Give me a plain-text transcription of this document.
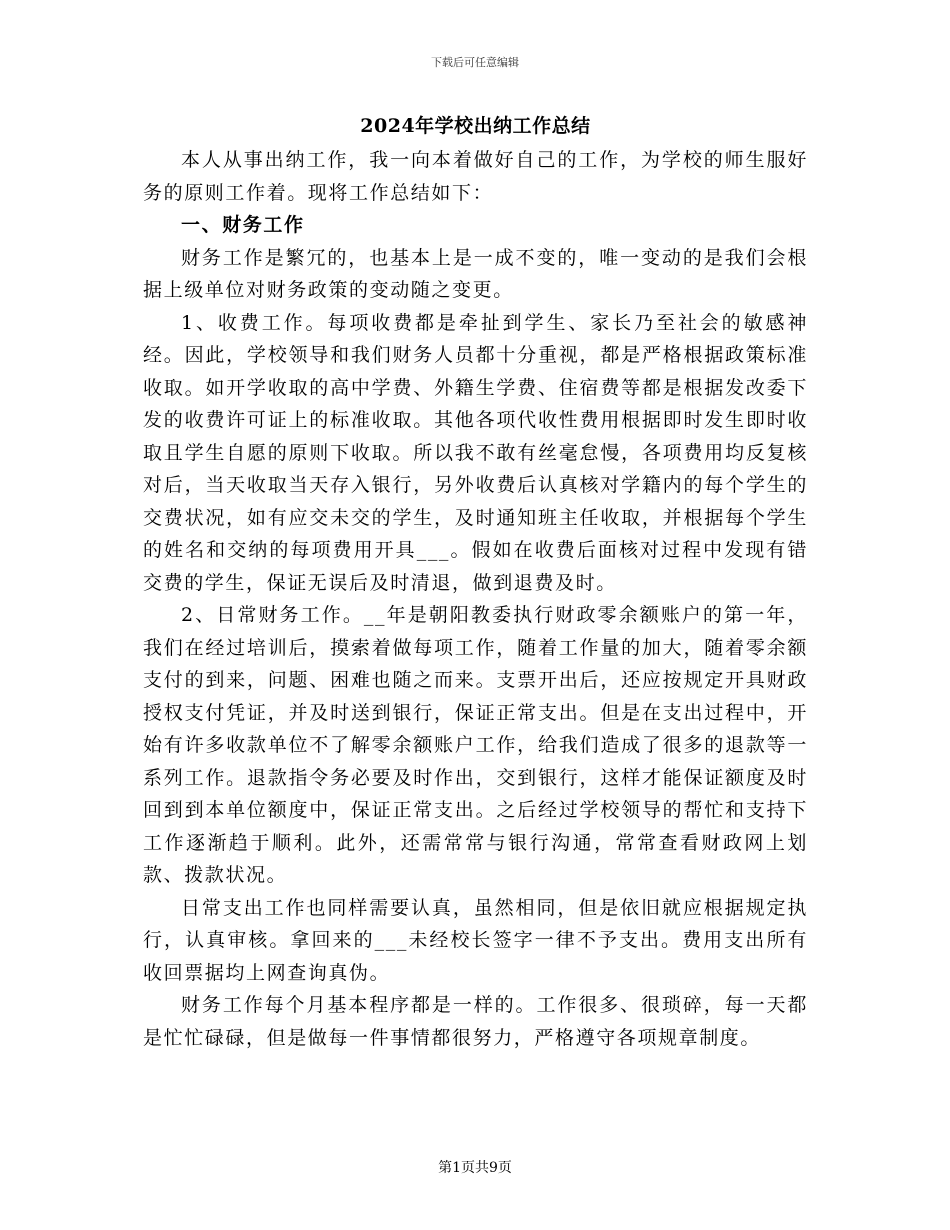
下载后可任意编辑
2024年学校出纳工作总结

本人从事出纳工作，我一向本着做好自己的工作，为学校的师生服好务的原则工作着。现将工作总结如下：

一、财务工作

财务工作是繁冗的，也基本上是一成不变的，唯一变动的是我们会根据上级单位对财务政策的变动随之变更。

1、收费工作。每项收费都是牵扯到学生、家长乃至社会的敏感神经。因此，学校领导和我们财务人员都十分重视，都是严格根据政策标准收取。如开学收取的高中学费、外籍生学费、住宿费等都是根据发改委下发的收费许可证上的标准收取。其他各项代收性费用根据即时发生即时收取且学生自愿的原则下收取。所以我不敢有丝毫怠慢，各项费用均反复核对后，当天收取当天存入银行，另外收费后认真核对学籍内的每个学生的交费状况，如有应交未交的学生，及时通知班主任收取，并根据每个学生的姓名和交纳的每项费用开具___。假如在收费后面核对过程中发现有错交费的学生，保证无误后及时清退，做到退费及时。

2、日常财务工作。__年是朝阳教委执行财政零余额账户的第一年，我们在经过培训后，摸索着做每项工作，随着工作量的加大，随着零余额支付的到来，问题、困难也随之而来。支票开出后，还应按规定开具财政授权支付凭证，并及时送到银行，保证正常支出。但是在支出过程中，开始有许多收款单位不了解零余额账户工作，给我们造成了很多的退款等一系列工作。退款指令务必要及时作出，交到银行，这样才能保证额度及时回到到本单位额度中，保证正常支出。之后经过学校领导的帮忙和支持下工作逐渐趋于顺利。此外，还需常常与银行沟通，常常查看财政网上划款、拨款状况。

日常支出工作也同样需要认真，虽然相同，但是依旧就应根据规定执行，认真审核。拿回来的___未经校长签字一律不予支出。费用支出所有收回票据均上网查询真伪。

财务工作每个月基本程序都是一样的。工作很多、很琐碎，每一天都是忙忙碌碌，但是做每一件事情都很努力，严格遵守各项规章制度。

第1页共9页
